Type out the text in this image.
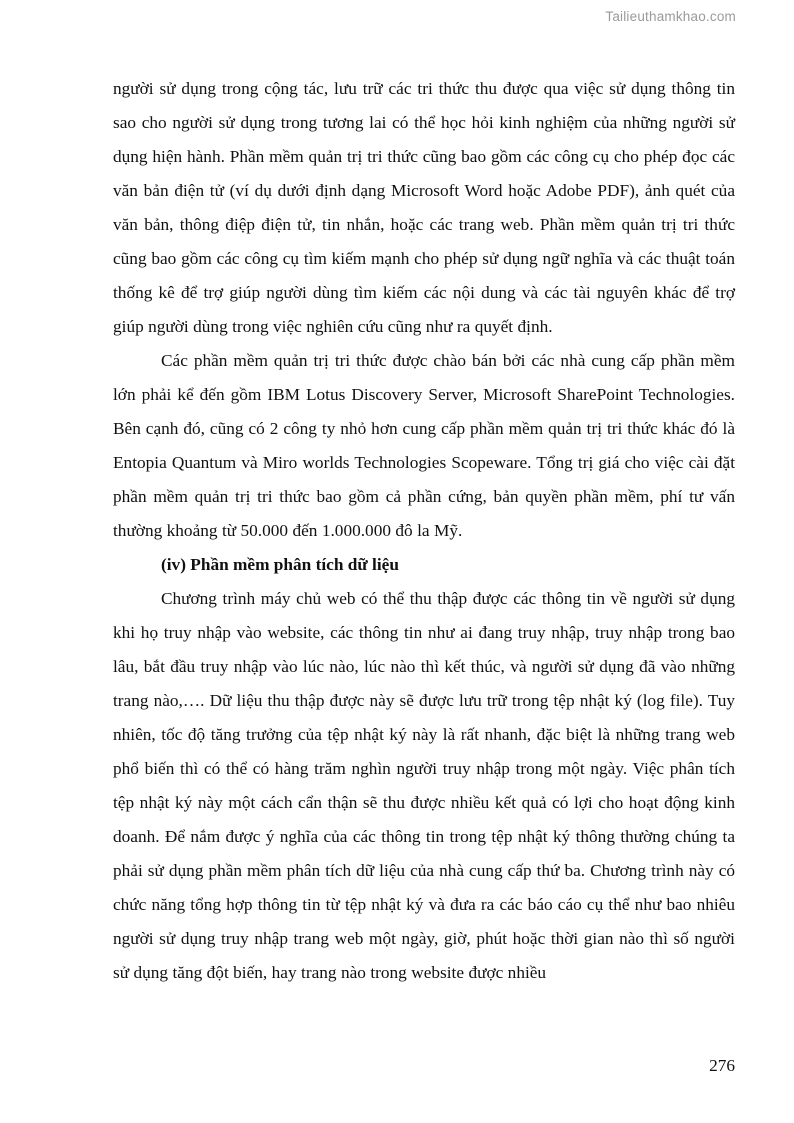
Tailieuthamkhao.com

người sử dụng trong cộng tác, lưu trữ các tri thức thu được qua việc sử dụng thông tin sao cho người sử dụng trong tương lai có thể học hỏi kinh nghiệm của những người sử dụng hiện hành. Phần mềm quản trị tri thức cũng bao gồm các công cụ cho phép đọc các văn bản điện tử (ví dụ dưới định dạng Microsoft Word hoặc Adobe PDF), ảnh quét của văn bản, thông điệp điện tử, tin nhắn, hoặc các trang web. Phần mềm quản trị tri thức cũng bao gồm các công cụ tìm kiếm mạnh cho phép sử dụng ngữ nghĩa và các thuật toán thống kê để trợ giúp người dùng tìm kiếm các nội dung và các tài nguyên khác để trợ giúp người dùng trong việc nghiên cứu cũng như ra quyết định.

Các phần mềm quản trị tri thức được chào bán bởi các nhà cung cấp phần mềm lớn phải kể đến gồm IBM Lotus Discovery Server, Microsoft SharePoint Technologies. Bên cạnh đó, cũng có 2 công ty nhỏ hơn cung cấp phần mềm quản trị tri thức khác đó là Entopia Quantum và Miro worlds Technologies Scopeware. Tổng trị giá cho việc cài đặt phần mềm quản trị tri thức bao gồm cả phần cứng, bản quyền phần mềm, phí tư vấn thường khoảng từ 50.000 đến 1.000.000 đô la Mỹ.

(iv) Phần mềm phân tích dữ liệu

Chương trình máy chủ web có thể thu thập được các thông tin về người sử dụng khi họ truy nhập vào website, các thông tin như ai đang truy nhập, truy nhập trong bao lâu, bắt đầu truy nhập vào lúc nào, lúc nào thì kết thúc, và người sử dụng đã vào những trang nào,…. Dữ liệu thu thập được này sẽ được lưu trữ trong tệp nhật ký (log file). Tuy nhiên, tốc độ tăng trưởng của tệp nhật ký này là rất nhanh, đặc biệt là những trang web phổ biến thì có thể có hàng trăm nghìn người truy nhập trong một ngày. Việc phân tích tệp nhật ký này một cách cẩn thận sẽ thu được nhiều kết quả có lợi cho hoạt động kinh doanh. Để nắm được ý nghĩa của các thông tin trong tệp nhật ký thông thường chúng ta phải sử dụng phần mềm phân tích dữ liệu của nhà cung cấp thứ ba. Chương trình này có chức năng tổng hợp thông tin từ tệp nhật ký và đưa ra các báo cáo cụ thể như bao nhiêu người sử dụng truy nhập trang web một ngày, giờ, phút hoặc thời gian nào thì số người sử dụng tăng đột biến, hay trang nào trong website được nhiều

276
